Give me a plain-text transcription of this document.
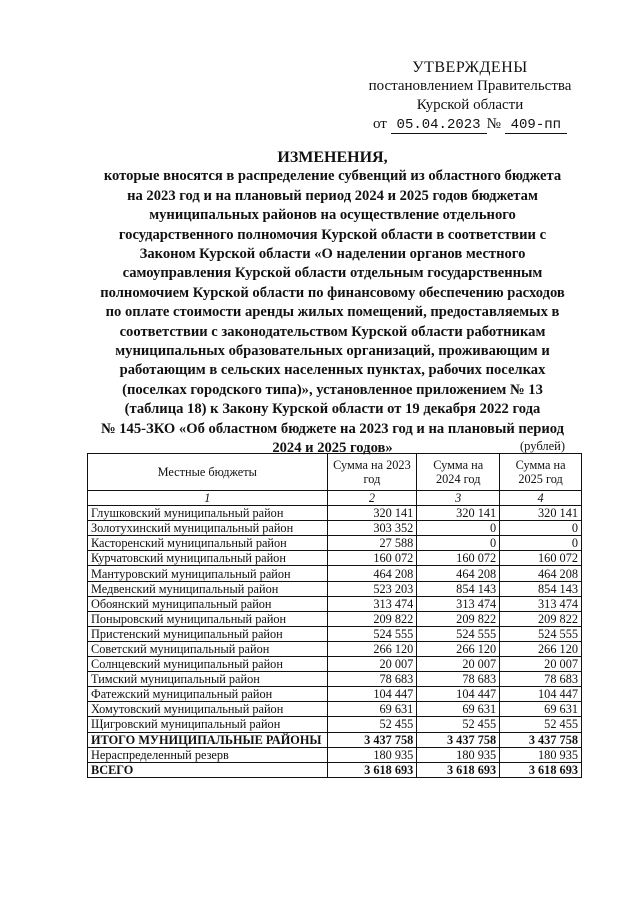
УТВЕРЖДЕНЫ
постановлением Правительства
Курской области
от 05.04.2023 № 409-пп
ИЗМЕНЕНИЯ,
которые вносятся в распределение субвенций из областного бюджета
на 2023 год и на плановый период 2024 и 2025 годов бюджетам
муниципальных районов на осуществление отдельного
государственного полномочия Курской области в соответствии с
Законом Курской области «О наделении органов местного
самоуправления Курской области отдельным государственным
полномочием Курской области по финансовому обеспечению расходов
по оплате стоимости аренды жилых помещений, предоставляемых в
соответствии с законодательством Курской области работникам
муниципальных образовательных организаций, проживающим и
работающим в сельских населенных пунктах, рабочих поселках
(поселках городского типа)», установленное приложением № 13
(таблица 18) к Закону Курской области от 19 декабря 2022 года
№ 145-ЗКО «Об областном бюджете на 2023 год и на плановый период
2024 и 2025 годов»	(рублей)
Местные бюджеты	Сумма на 2023 год	Сумма на 2024 год	Сумма на 2025 год
1	2	3	4
Глушковский муниципальный район	320 141	320 141	320 141
Золотухинский муниципальный район	303 352	0	0
Касторенский муниципальный район	27 588	0	0
Курчатовский муниципальный район	160 072	160 072	160 072
Мантуровский муниципальный район	464 208	464 208	464 208
Медвенский муниципальный район	523 203	854 143	854 143
Обоянский муниципальный район	313 474	313 474	313 474
Поныровский муниципальный район	209 822	209 822	209 822
Пристенский муниципальный район	524 555	524 555	524 555
Советский муниципальный район	266 120	266 120	266 120
Солнцевский муниципальный район	20 007	20 007	20 007
Тимский муниципальный район	78 683	78 683	78 683
Фатежский муниципальный район	104 447	104 447	104 447
Хомутовский муниципальный район	69 631	69 631	69 631
Щигровский муниципальный район	52 455	52 455	52 455
ИТОГО МУНИЦИПАЛЬНЫЕ РАЙОНЫ	3 437 758	3 437 758	3 437 758
Нераспределенный резерв	180 935	180 935	180 935
ВСЕГО	3 618 693	3 618 693	3 618 693
